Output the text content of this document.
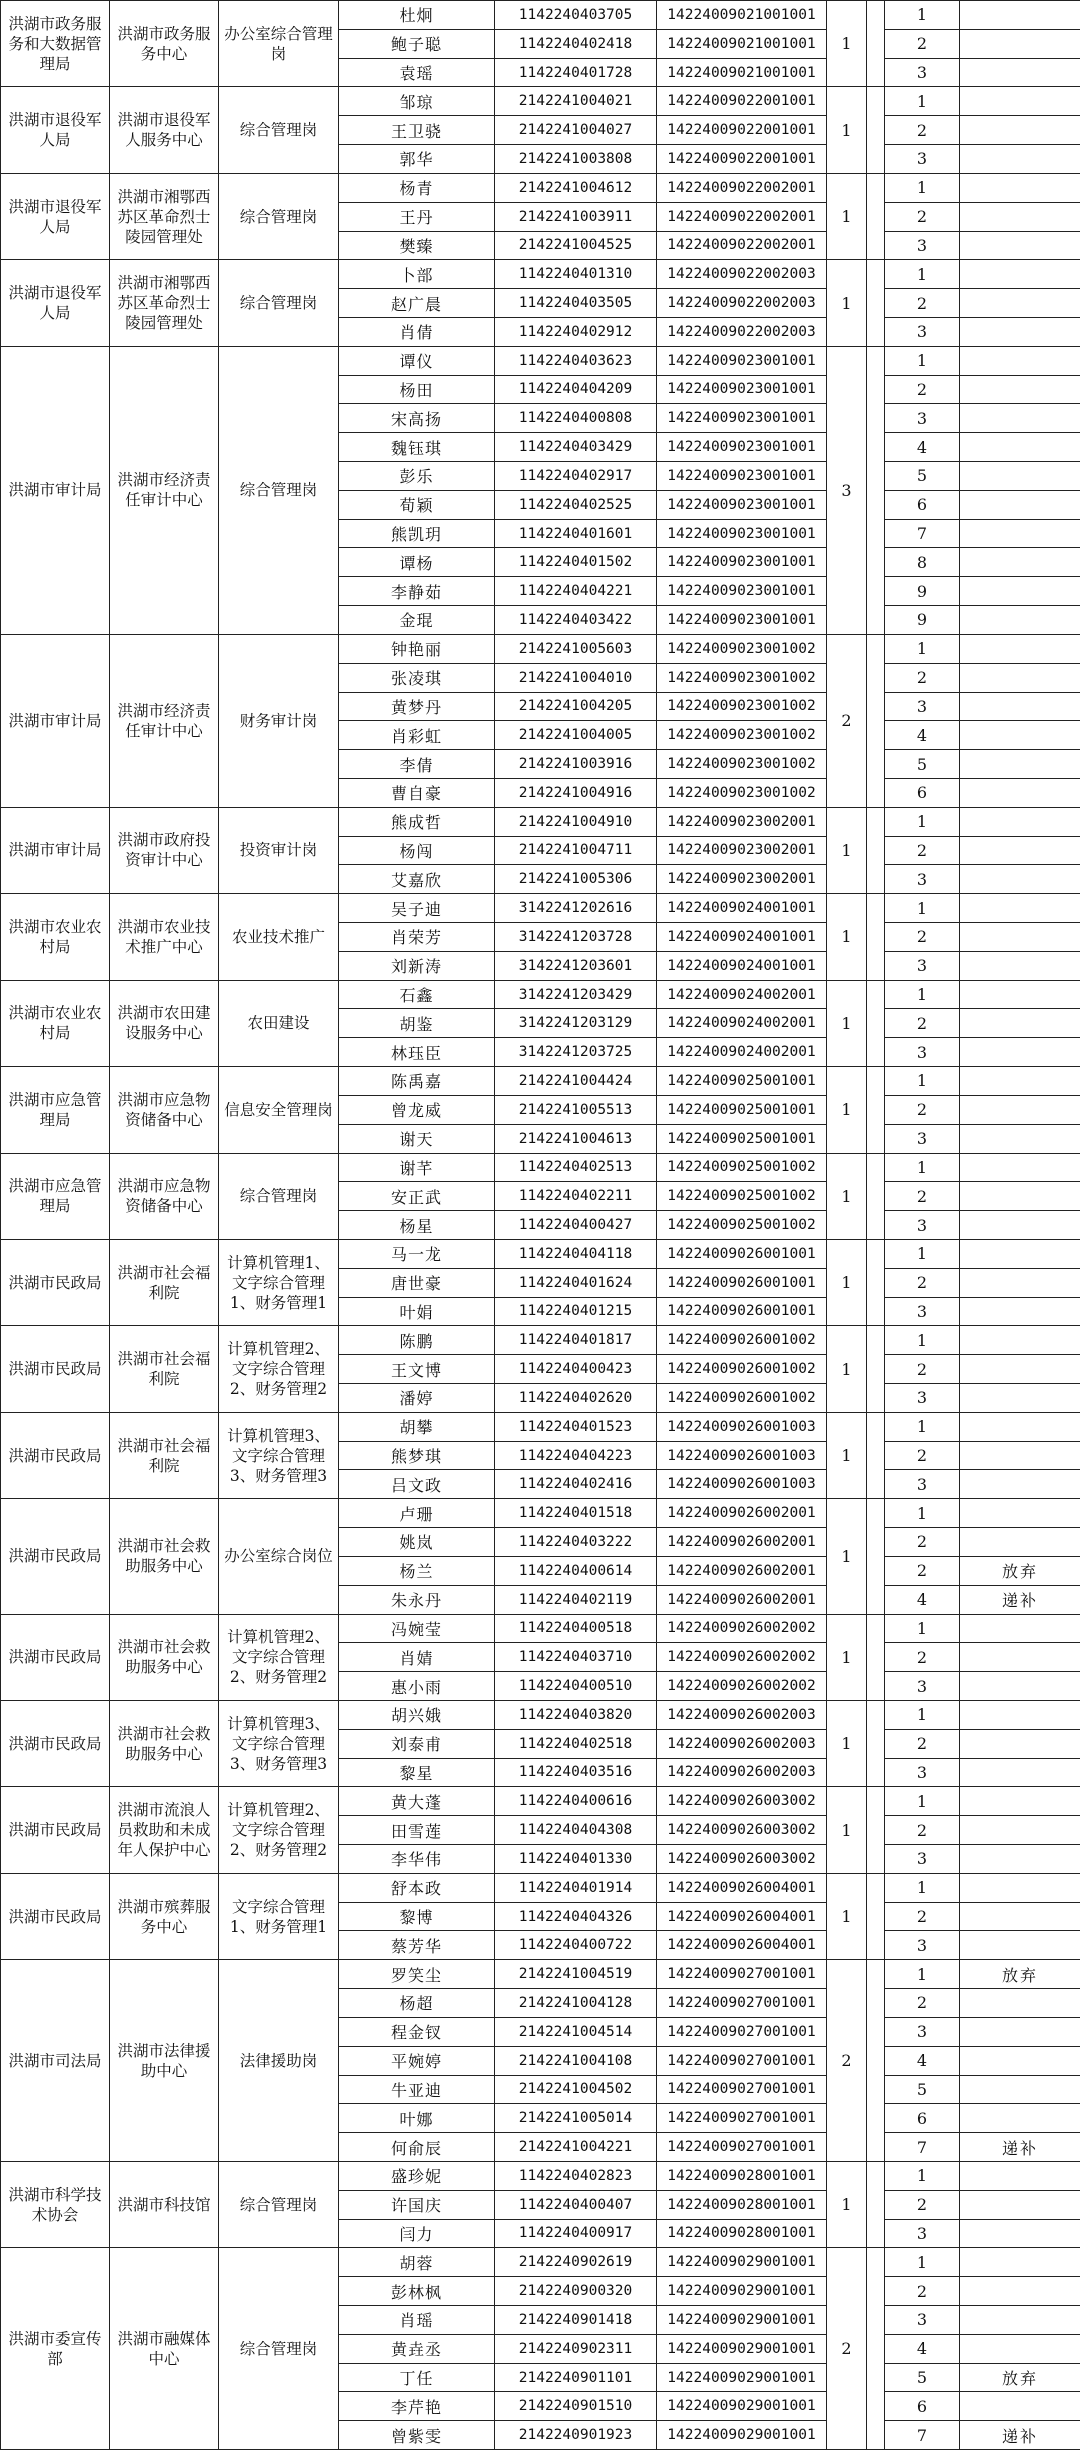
洪湖市政务服务和大数据管理局	洪湖市政务服务中心	办公室综合管理岗	杜炯	1142240403705	14224009021001001	1		1	
			鲍子聪	1142240402418	14224009021001001			2	
			袁瑶	1142240401728	14224009021001001			3	
洪湖市退役军人局	洪湖市退役军人服务中心	综合管理岗	邹琼	2142241004021	14224009022001001	1		1	
			王卫骁	2142241004027	14224009022001001			2	
			郭华	2142241003808	14224009022001001			3	
洪湖市退役军人局	洪湖市湘鄂西苏区革命烈士陵园管理处	综合管理岗	杨青	2142241004612	14224009022002001	1		1	
			王丹	2142241003911	14224009022002001			2	
			樊臻	2142241004525	14224009022002001			3	
洪湖市退役军人局	洪湖市湘鄂西苏区革命烈士陵园管理处	综合管理岗	卜部	1142240401310	14224009022002003	1		1	
			赵广晨	1142240403505	14224009022002003			2	
			肖倩	1142240402912	14224009022002003			3	
洪湖市审计局	洪湖市经济责任审计中心	综合管理岗	谭仪	1142240403623	14224009023001001	3		1	
			杨田	1142240404209	14224009023001001			2	
			宋高扬	1142240400808	14224009023001001			3	
			魏钰琪	1142240403429	14224009023001001			4	
			彭乐	1142240402917	14224009023001001			5	
			荀颖	1142240402525	14224009023001001			6	
			熊凯玥	1142240401601	14224009023001001			7	
			谭杨	1142240401502	14224009023001001			8	
			李静茹	1142240404221	14224009023001001			9	
			金琨	1142240403422	14224009023001001			9	
洪湖市审计局	洪湖市经济责任审计中心	财务审计岗	钟艳丽	2142241005603	14224009023001002	2		1	
			张凌琪	2142241004010	14224009023001002			2	
			黄梦丹	2142241004205	14224009023001002			3	
			肖彩虹	2142241004005	14224009023001002			4	
			李倩	2142241003916	14224009023001002			5	
			曹自豪	2142241004916	14224009023001002			6	
洪湖市审计局	洪湖市政府投资审计中心	投资审计岗	熊成哲	2142241004910	14224009023002001	1		1	
			杨闯	2142241004711	14224009023002001			2	
			艾嘉欣	2142241005306	14224009023002001			3	
洪湖市农业农村局	洪湖市农业技术推广中心	农业技术推广	吴子迪	3142241202616	14224009024001001	1		1	
			肖荣芳	3142241203728	14224009024001001			2	
			刘新涛	3142241203601	14224009024001001			3	
洪湖市农业农村局	洪湖市农田建设服务中心	农田建设	石鑫	3142241203429	14224009024002001	1		1	
			胡鉴	3142241203129	14224009024002001			2	
			林珏臣	3142241203725	14224009024002001			3	
洪湖市应急管理局	洪湖市应急物资储备中心	信息安全管理岗	陈禹嘉	2142241004424	14224009025001001	1		1	
			曾龙威	2142241005513	14224009025001001			2	
			谢天	2142241004613	14224009025001001			3	
洪湖市应急管理局	洪湖市应急物资储备中心	综合管理岗	谢芊	1142240402513	14224009025001002	1		1	
			安正武	1142240402211	14224009025001002			2	
			杨星	1142240400427	14224009025001002			3	
洪湖市民政局	洪湖市社会福利院	计算机管理1、文字综合管理1、财务管理1	马一龙	1142240404118	14224009026001001	1		1	
			唐世豪	1142240401624	14224009026001001			2	
			叶娟	1142240401215	14224009026001001			3	
洪湖市民政局	洪湖市社会福利院	计算机管理2、文字综合管理2、财务管理2	陈鹏	1142240401817	14224009026001002	1		1	
			王文博	1142240400423	14224009026001002			2	
			潘婷	1142240402620	14224009026001002			3	
洪湖市民政局	洪湖市社会福利院	计算机管理3、文字综合管理3、财务管理3	胡攀	1142240401523	14224009026001003	1		1	
			熊梦琪	1142240404223	14224009026001003			2	
			吕文政	1142240402416	14224009026001003			3	
洪湖市民政局	洪湖市社会救助服务中心	办公室综合岗位	卢珊	1142240401518	14224009026002001	1		1	
			姚岚	1142240403222	14224009026002001			2	
			杨兰	1142240400614	14224009026002001			2	放弃
			朱永丹	1142240402119	14224009026002001			4	递补
洪湖市民政局	洪湖市社会救助服务中心	计算机管理2、文字综合管理2、财务管理2	冯婉莹	1142240400518	14224009026002002	1		1	
			肖婧	1142240403710	14224009026002002			2	
			惠小雨	1142240400510	14224009026002002			3	
洪湖市民政局	洪湖市社会救助服务中心	计算机管理3、文字综合管理3、财务管理3	胡兴娥	1142240403820	14224009026002003	1		1	
			刘泰甫	1142240402518	14224009026002003			2	
			黎星	1142240403516	14224009026002003			3	
洪湖市民政局	洪湖市流浪人员救助和未成年人保护中心	计算机管理2、文字综合管理2、财务管理2	黄大蓬	1142240400616	14224009026003002	1		1	
			田雪莲	1142240404308	14224009026003002			2	
			李华伟	1142240401330	14224009026003002			3	
洪湖市民政局	洪湖市殡葬服务中心	文字综合管理1、财务管理1	舒本政	1142240401914	14224009026004001	1		1	
			黎博	1142240404326	14224009026004001			2	
			蔡芳华	1142240400722	14224009026004001			3	
洪湖市司法局	洪湖市法律援助中心	法律援助岗	罗笑尘	2142241004519	14224009027001001	2		1	放弃
			杨超	2142241004128	14224009027001001			2	
			程金钗	2142241004514	14224009027001001			3	
			平婉婷	2142241004108	14224009027001001			4	
			牛亚迪	2142241004502	14224009027001001			5	
			叶娜	2142241005014	14224009027001001			6	
			何俞辰	2142241004221	14224009027001001			7	递补
洪湖市科学技术协会	洪湖市科技馆	综合管理岗	盛珍妮	1142240402823	14224009028001001	1		1	
			许国庆	1142240400407	14224009028001001			2	
			闫力	1142240400917	14224009028001001			3	
洪湖市委宣传部	洪湖市融媒体中心	综合管理岗	胡蓉	2142240902619	14224009029001001	2		1	
			彭林枫	2142240900320	14224009029001001			2	
			肖瑶	2142240901418	14224009029001001			3	
			黄垚丞	2142240902311	14224009029001001			4	
			丁任	2142240901101	14224009029001001			5	放弃
			李芹艳	2142240901510	14224009029001001			6	
			曾紫雯	2142240901923	14224009029001001			7	递补
